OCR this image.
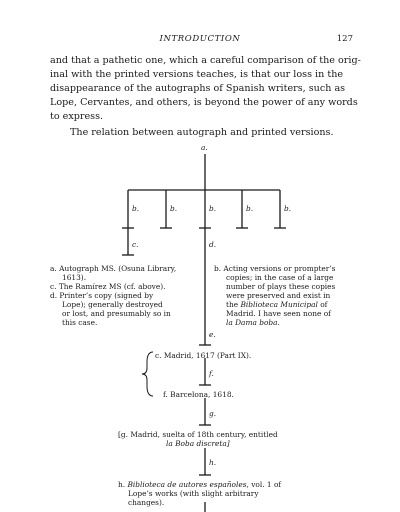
INTRODUCTION	127

and that a pathetic one, which a careful comparison of the orig-
inal with the printed versions teaches, is that our loss in the
disappearance of the autographs of Spanish writers, such as
Lope, Cervantes, and others, is beyond the power of any words
to express.

The relation between autograph and printed versions.
a.
b.	b.	b.	b.	b.
c.	d.
e.
f.
g.
h.
a. Autograph MS. (Osuna Library,
1613).
c. The Ramírez MS (cf. above).
d. Printer’s copy (signed by
Lope); generally destroyed
or lost, and presumably so in
this case.
b. Acting versions or prompter’s
copies; in the case of a large
number of plays these copies
were preserved and exist in
the Biblioteca Municipal of
Madrid. I have seen none of
la Dama boba.
c. Madrid, 1617 (Part IX).
f. Barcelona, 1618.
[g. Madrid, suelta of 18th century, entitled
la Boba discreta]
h. Biblioteca de autores españoles, vol. 1 of
Lope’s works (with slight arbitrary
changes).
